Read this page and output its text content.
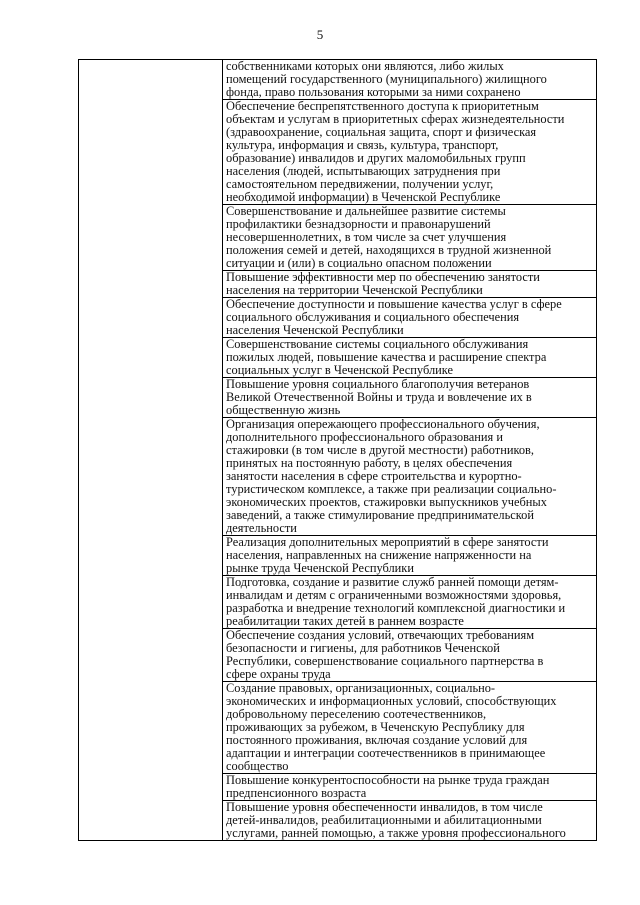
5

собственниками которых они являются, либо жилых
помещений государственного (муниципального) жилищного
фонда, право пользования которыми за ними сохранено

Обеспечение беспрепятственного доступа к приоритетным
объектам и услугам в приоритетных сферах жизнедеятельности
(здравоохранение, социальная защита, спорт и физическая
культура, информация и связь, культура, транспорт,
образование) инвалидов и других маломобильных групп
населения (людей, испытывающих затруднения при
самостоятельном передвижении, получении услуг,
необходимой информации) в Чеченской Республике

Совершенствование и дальнейшее развитие системы
профилактики безнадзорности и правонарушений
несовершеннолетних, в том числе за счет улучшения
положения семей и детей, находящихся в трудной жизненной
ситуации и (или) в социально опасном положении

Повышение эффективности мер по обеспечению занятости
населения на территории Чеченской Республики

Обеспечение доступности и повышение качества услуг в сфере
социального обслуживания и социального обеспечения
населения Чеченской Республики

Совершенствование системы социального обслуживания
пожилых людей, повышение качества и расширение спектра
социальных услуг в Чеченской Республике

Повышение уровня социального благополучия ветеранов
Великой Отечественной Войны и труда и вовлечение их в
общественную жизнь

Организация опережающего профессионального обучения,
дополнительного профессионального образования и
стажировки (в том числе в другой местности) работников,
принятых на постоянную работу, в целях обеспечения
занятости населения в сфере строительства и курортно-
туристическом комплексе, а также при реализации социально-
экономических проектов, стажировки выпускников учебных
заведений, а также стимулирование предпринимательской
деятельности

Реализация дополнительных мероприятий в сфере занятости
населения, направленных на снижение напряженности на
рынке труда Чеченской Республики

Подготовка, создание и развитие служб ранней помощи детям-
инвалидам и детям с ограниченными возможностями здоровья,
разработка и внедрение технологий комплексной диагностики и
реабилитации таких детей в раннем возрасте

Обеспечение создания условий, отвечающих требованиям
безопасности и гигиены, для работников Чеченской
Республики, совершенствование социального партнерства в
сфере охраны труда

Создание правовых, организационных, социально-
экономических и информационных условий, способствующих
добровольному переселению соотечественников,
проживающих за рубежом, в Чеченскую Республику для
постоянного проживания, включая создание условий для
адаптации и интеграции соотечественников в принимающее
сообщество

Повышение конкурентоспособности на рынке труда граждан
предпенсионного возраста

Повышение уровня обеспеченности инвалидов, в том числе
детей-инвалидов, реабилитационными и абилитационными
услугами, ранней помощью, а также уровня профессионального
